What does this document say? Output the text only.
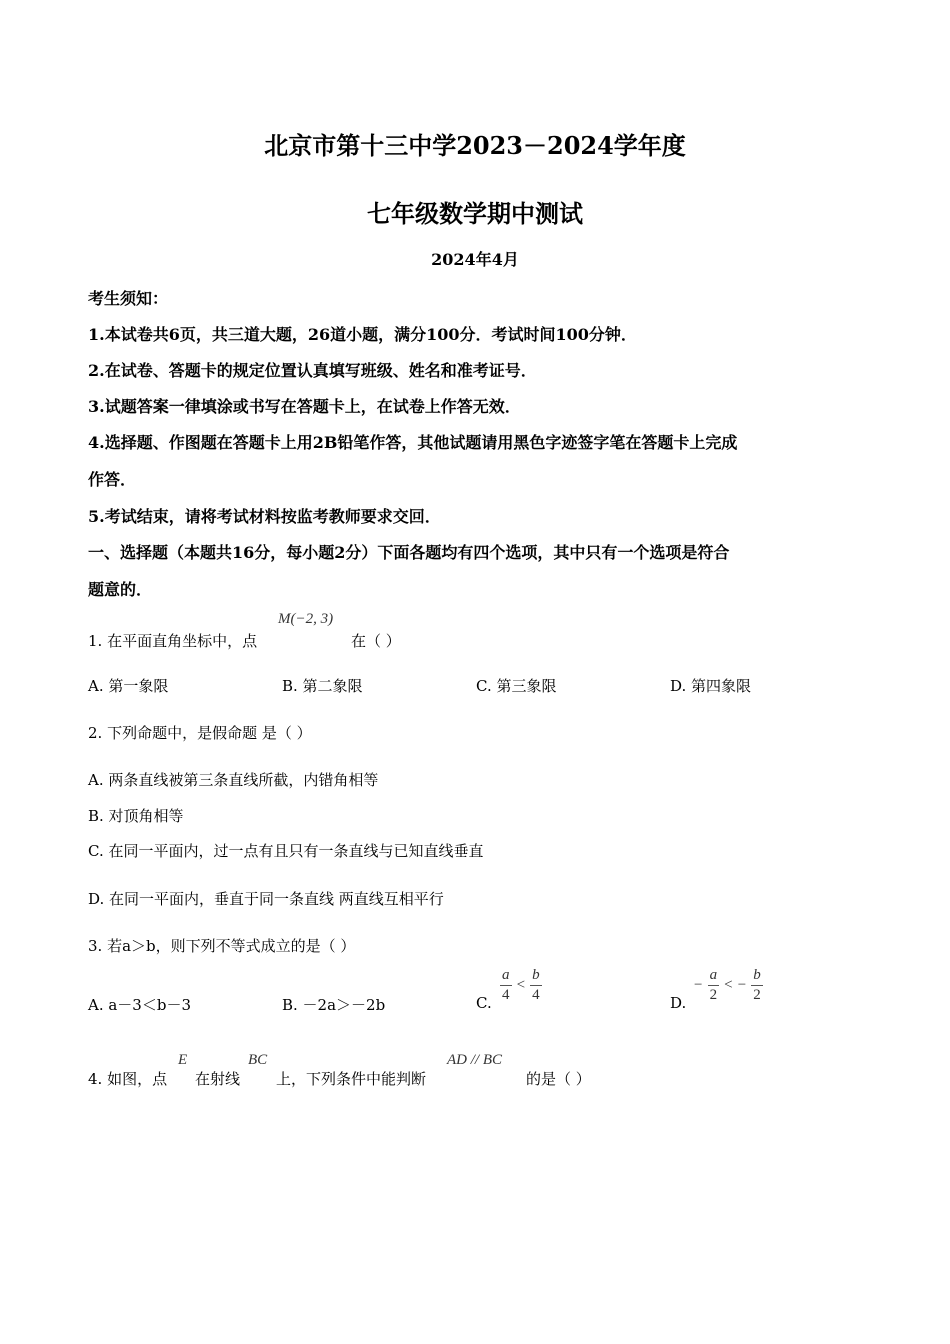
北京市第十三中学2023－2024学年度
七年级数学期中测试
2024年4月
考生须知：
1.本试卷共6页，共三道大题，26道小题，满分100分．考试时间100分钟．
2.在试卷、答题卡的规定位置认真填写班级、姓名和准考证号．
3.试题答案一律填涂或书写在答题卡上，在试卷上作答无效．
4.选择题、作图题在答题卡上用2B铅笔作答，其他试题请用黑色字迹签字笔在答题卡上完成
作答．
5.考试结束，请将考试材料按监考教师要求交回．
一、选择题（本题共16分，每小题2分）下面各题均有四个选项，其中只有一个选项是符合
题意的．
1. 在平面直角坐标中，点
M(−2, 3)
在（ ）
A. 第一象限	B. 第二象限	C. 第三象限	D. 第四象限
2. 下列命题中，是假命题 是（ ）
A. 两条直线被第三条直线所截，内错角相等
B. 对顶角相等
C. 在同一平面内，过一点有且只有一条直线与已知直线垂直
D. 在同一平面内，垂直于同一条直线 两直线互相平行
3. 若a＞b，则下列不等式成立的是（ ）
A. a－3＜b－3	B. －2a＞－2b	C. $\frac{a}{4} < \frac{b}{4}$	D.
− $\frac{a}{2}$ < − $\frac{b}{2}$
4. 如图，点
E
在射线
BC
上，下列条件中能判断
AD // BC
的是（ ）
